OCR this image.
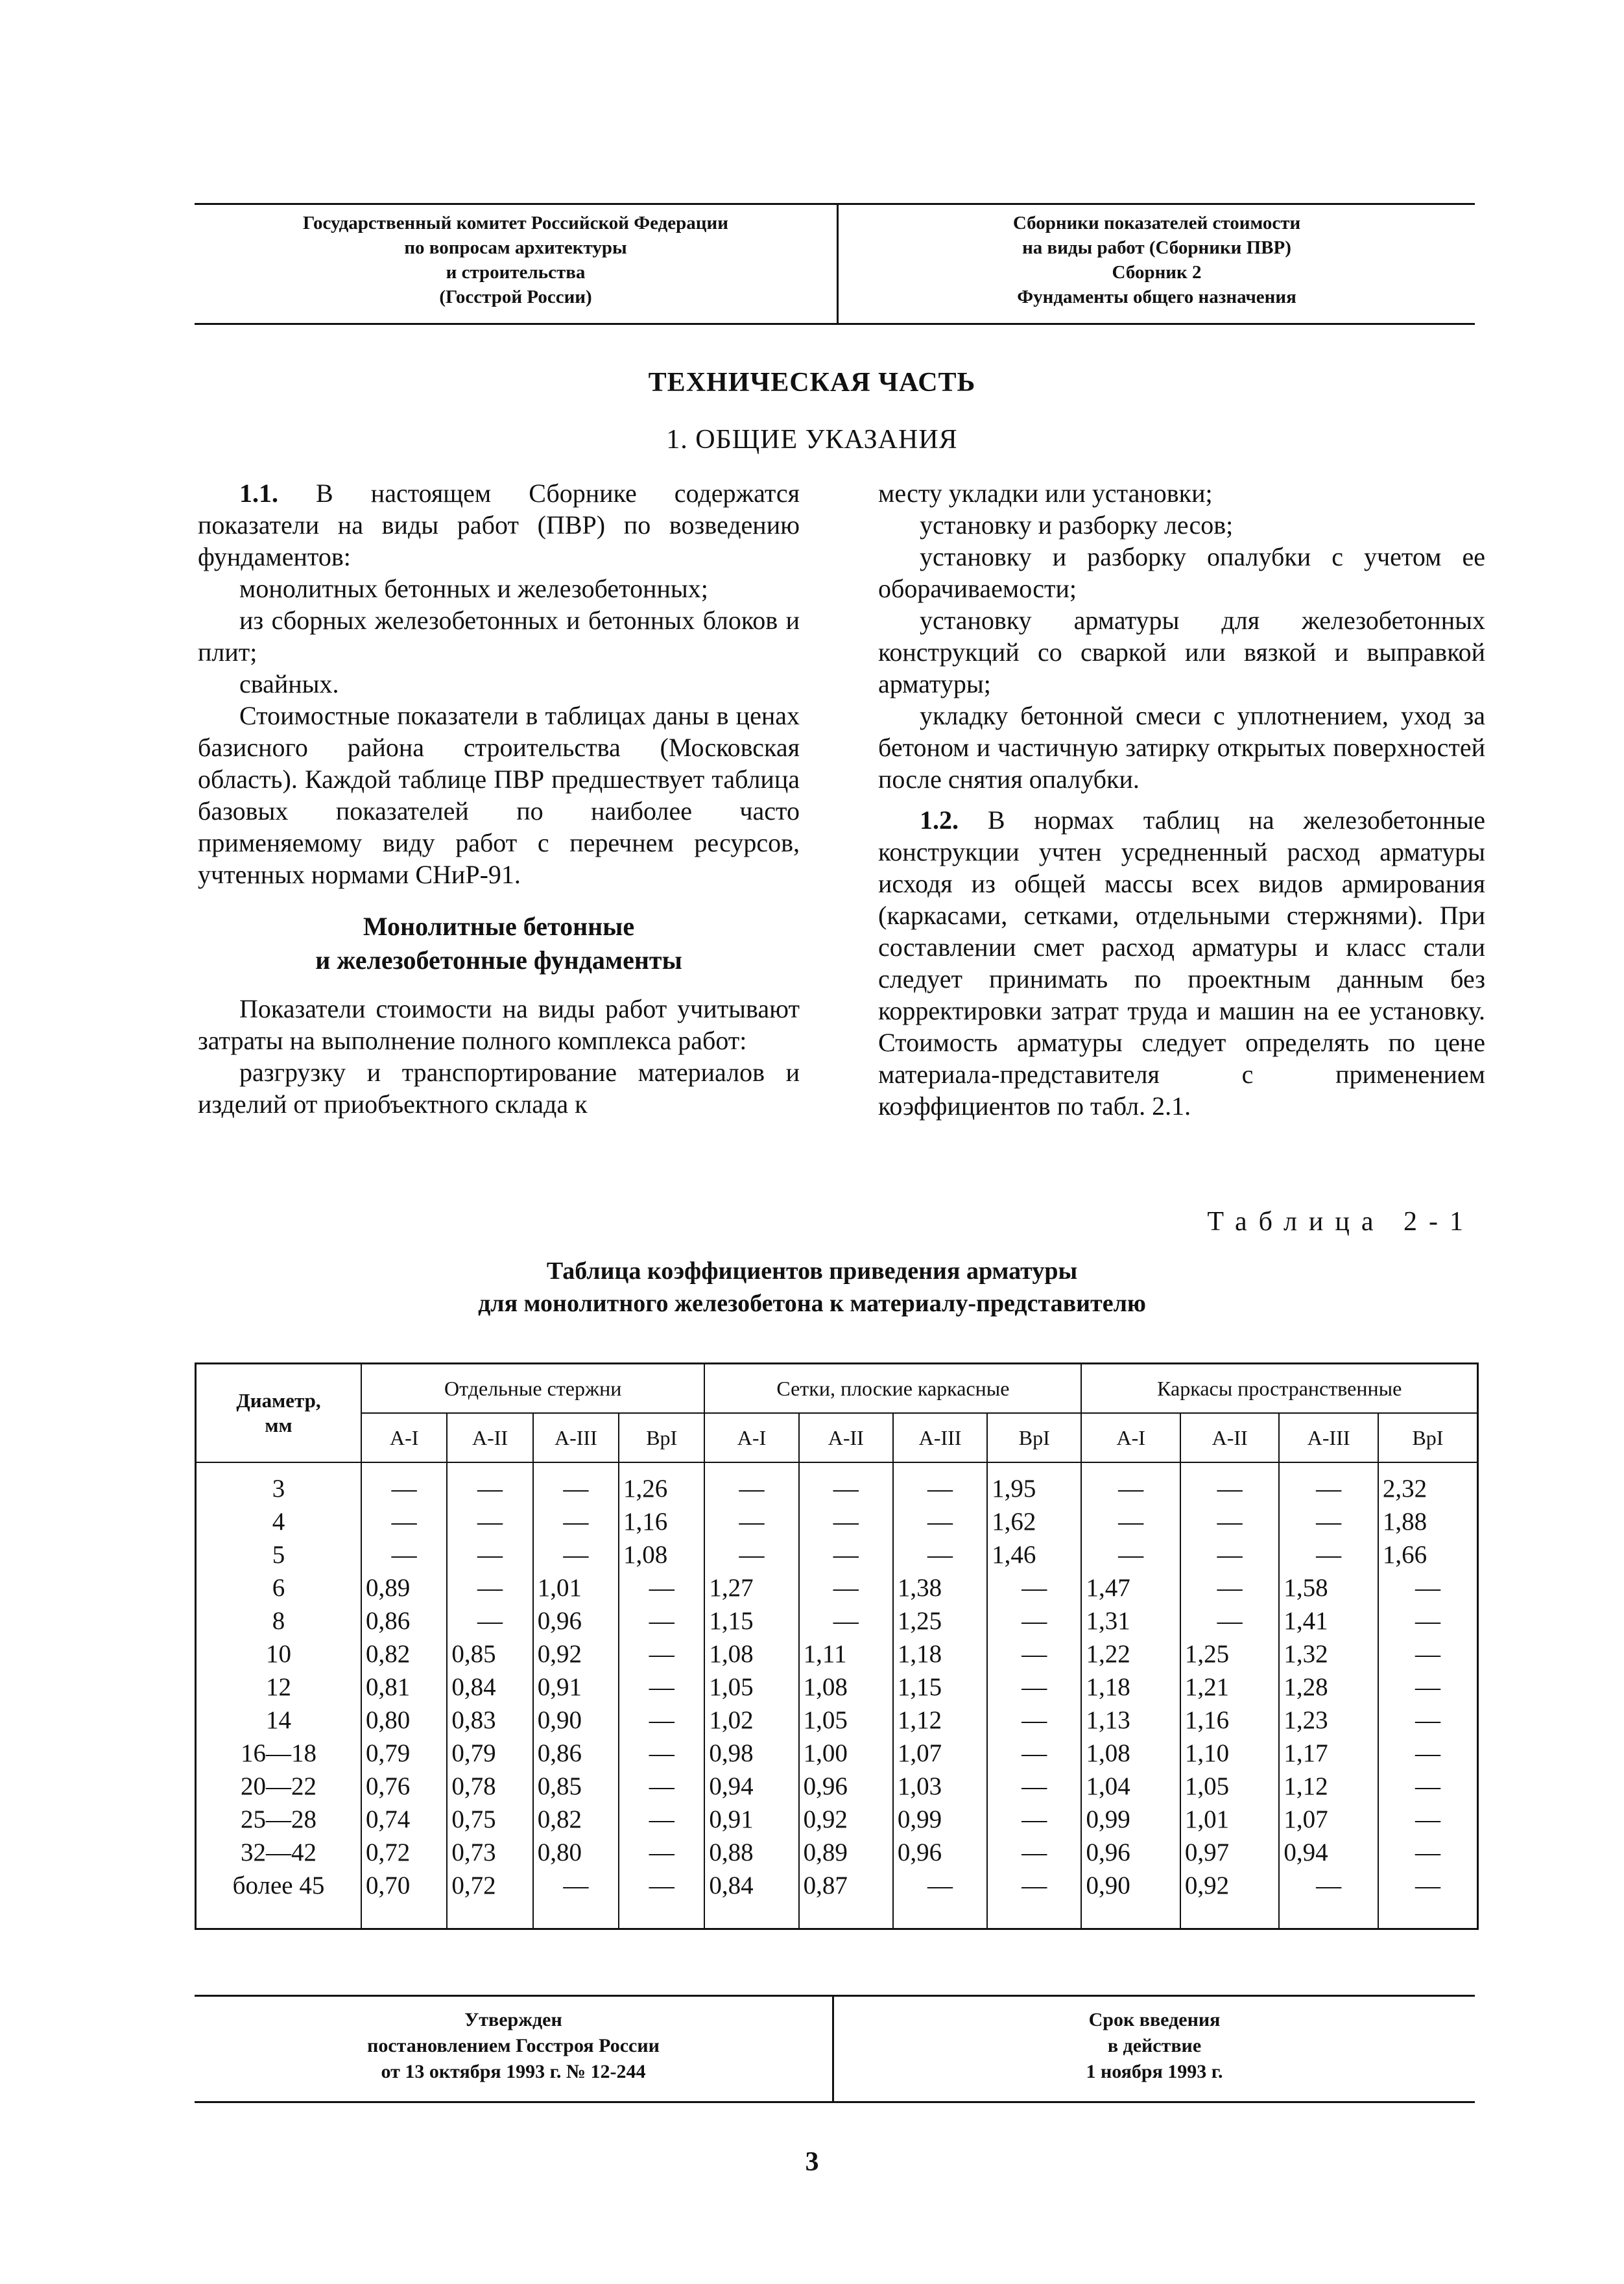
Государственный комитет Российской Федерации
по вопросам архитектуры
и строительства
(Госстрой России)
Сборники показателей стоимости
на виды работ (Сборники ПВР)
Сборник 2
Фундаменты общего назначения
ТЕХНИЧЕСКАЯ ЧАСТЬ
1. ОБЩИЕ УКАЗАНИЯ

1.1. В настоящем Сборнике содержатся показатели на виды работ (ПВР) по возведению фундаментов:

монолитных бетонных и железобетонных;

из сборных железобетонных и бетонных блоков и плит;

свайных.

Стоимостные показатели в таблицах даны в ценах базисного района строительства (Московская область). Каждой таблице ПВР предшествует таблица базовых показателей по наиболее часто применяемому виду работ с перечнем ресурсов, учтенных нормами СНиР-91.

Монолитные бетонные
и железобетонные фундаменты

Показатели стоимости на виды работ учитывают затраты на выполнение полного комплекса работ:

разгрузку и транспортирование материалов и изделий от приобъектного склада к

месту укладки или установки;

установку и разборку лесов;

установку и разборку опалубки с учетом ее оборачиваемости;

установку арматуры для железобетонных конструкций со сваркой или вязкой и выправкой арматуры;

укладку бетонной смеси с уплотнением, уход за бетоном и частичную затирку открытых поверхностей после снятия опалубки.

1.2. В нормах таблиц на железобетонные конструкции учтен усредненный расход арматуры исходя из общей массы всех видов армирования (каркасами, сетками, отдельными стержнями). При составлении смет расход арматуры и класс стали следует принимать по проектным данным без корректировки затрат труда и машин на ее установку. Стоимость арматуры следует определять по цене материала-представителя с применением коэффициентов по табл. 2.1.

Таблица 2-1
Таблица коэффициентов приведения арматуры
для монолитного железобетона к материалу-представителю
Диаметр,
мм	Отдельные стержни				Сетки, плоские каркасные				Каркасы пространственные			
	А-I	А-II	А-III	ВрI	А-I	А-II	А-III	ВрI	А-I	А-II	А-III	ВрI
3	—	—	—	1,26	—	—	—	1,95	—	—	—	2,32
4	—	—	—	1,16	—	—	—	1,62	—	—	—	1,88
5	—	—	—	1,08	—	—	—	1,46	—	—	—	1,66
6	0,89	—	1,01	—	1,27	—	1,38	—	1,47	—	1,58	—
8	0,86	—	0,96	—	1,15	—	1,25	—	1,31	—	1,41	—
10	0,82	0,85	0,92	—	1,08	1,11	1,18	—	1,22	1,25	1,32	—
12	0,81	0,84	0,91	—	1,05	1,08	1,15	—	1,18	1,21	1,28	—
14	0,80	0,83	0,90	—	1,02	1,05	1,12	—	1,13	1,16	1,23	—
16—18	0,79	0,79	0,86	—	0,98	1,00	1,07	—	1,08	1,10	1,17	—
20—22	0,76	0,78	0,85	—	0,94	0,96	1,03	—	1,04	1,05	1,12	—
25—28	0,74	0,75	0,82	—	0,91	0,92	0,99	—	0,99	1,01	1,07	—
32—42	0,72	0,73	0,80	—	0,88	0,89	0,96	—	0,96	0,97	0,94	—
более 45	0,70	0,72	—	—	0,84	0,87	—	—	0,90	0,92	—	—
Утвержден
постановлением Госстроя России
от 13 октября 1993 г. № 12-244
Срок введения
в действие
1 ноября 1993 г.
3
